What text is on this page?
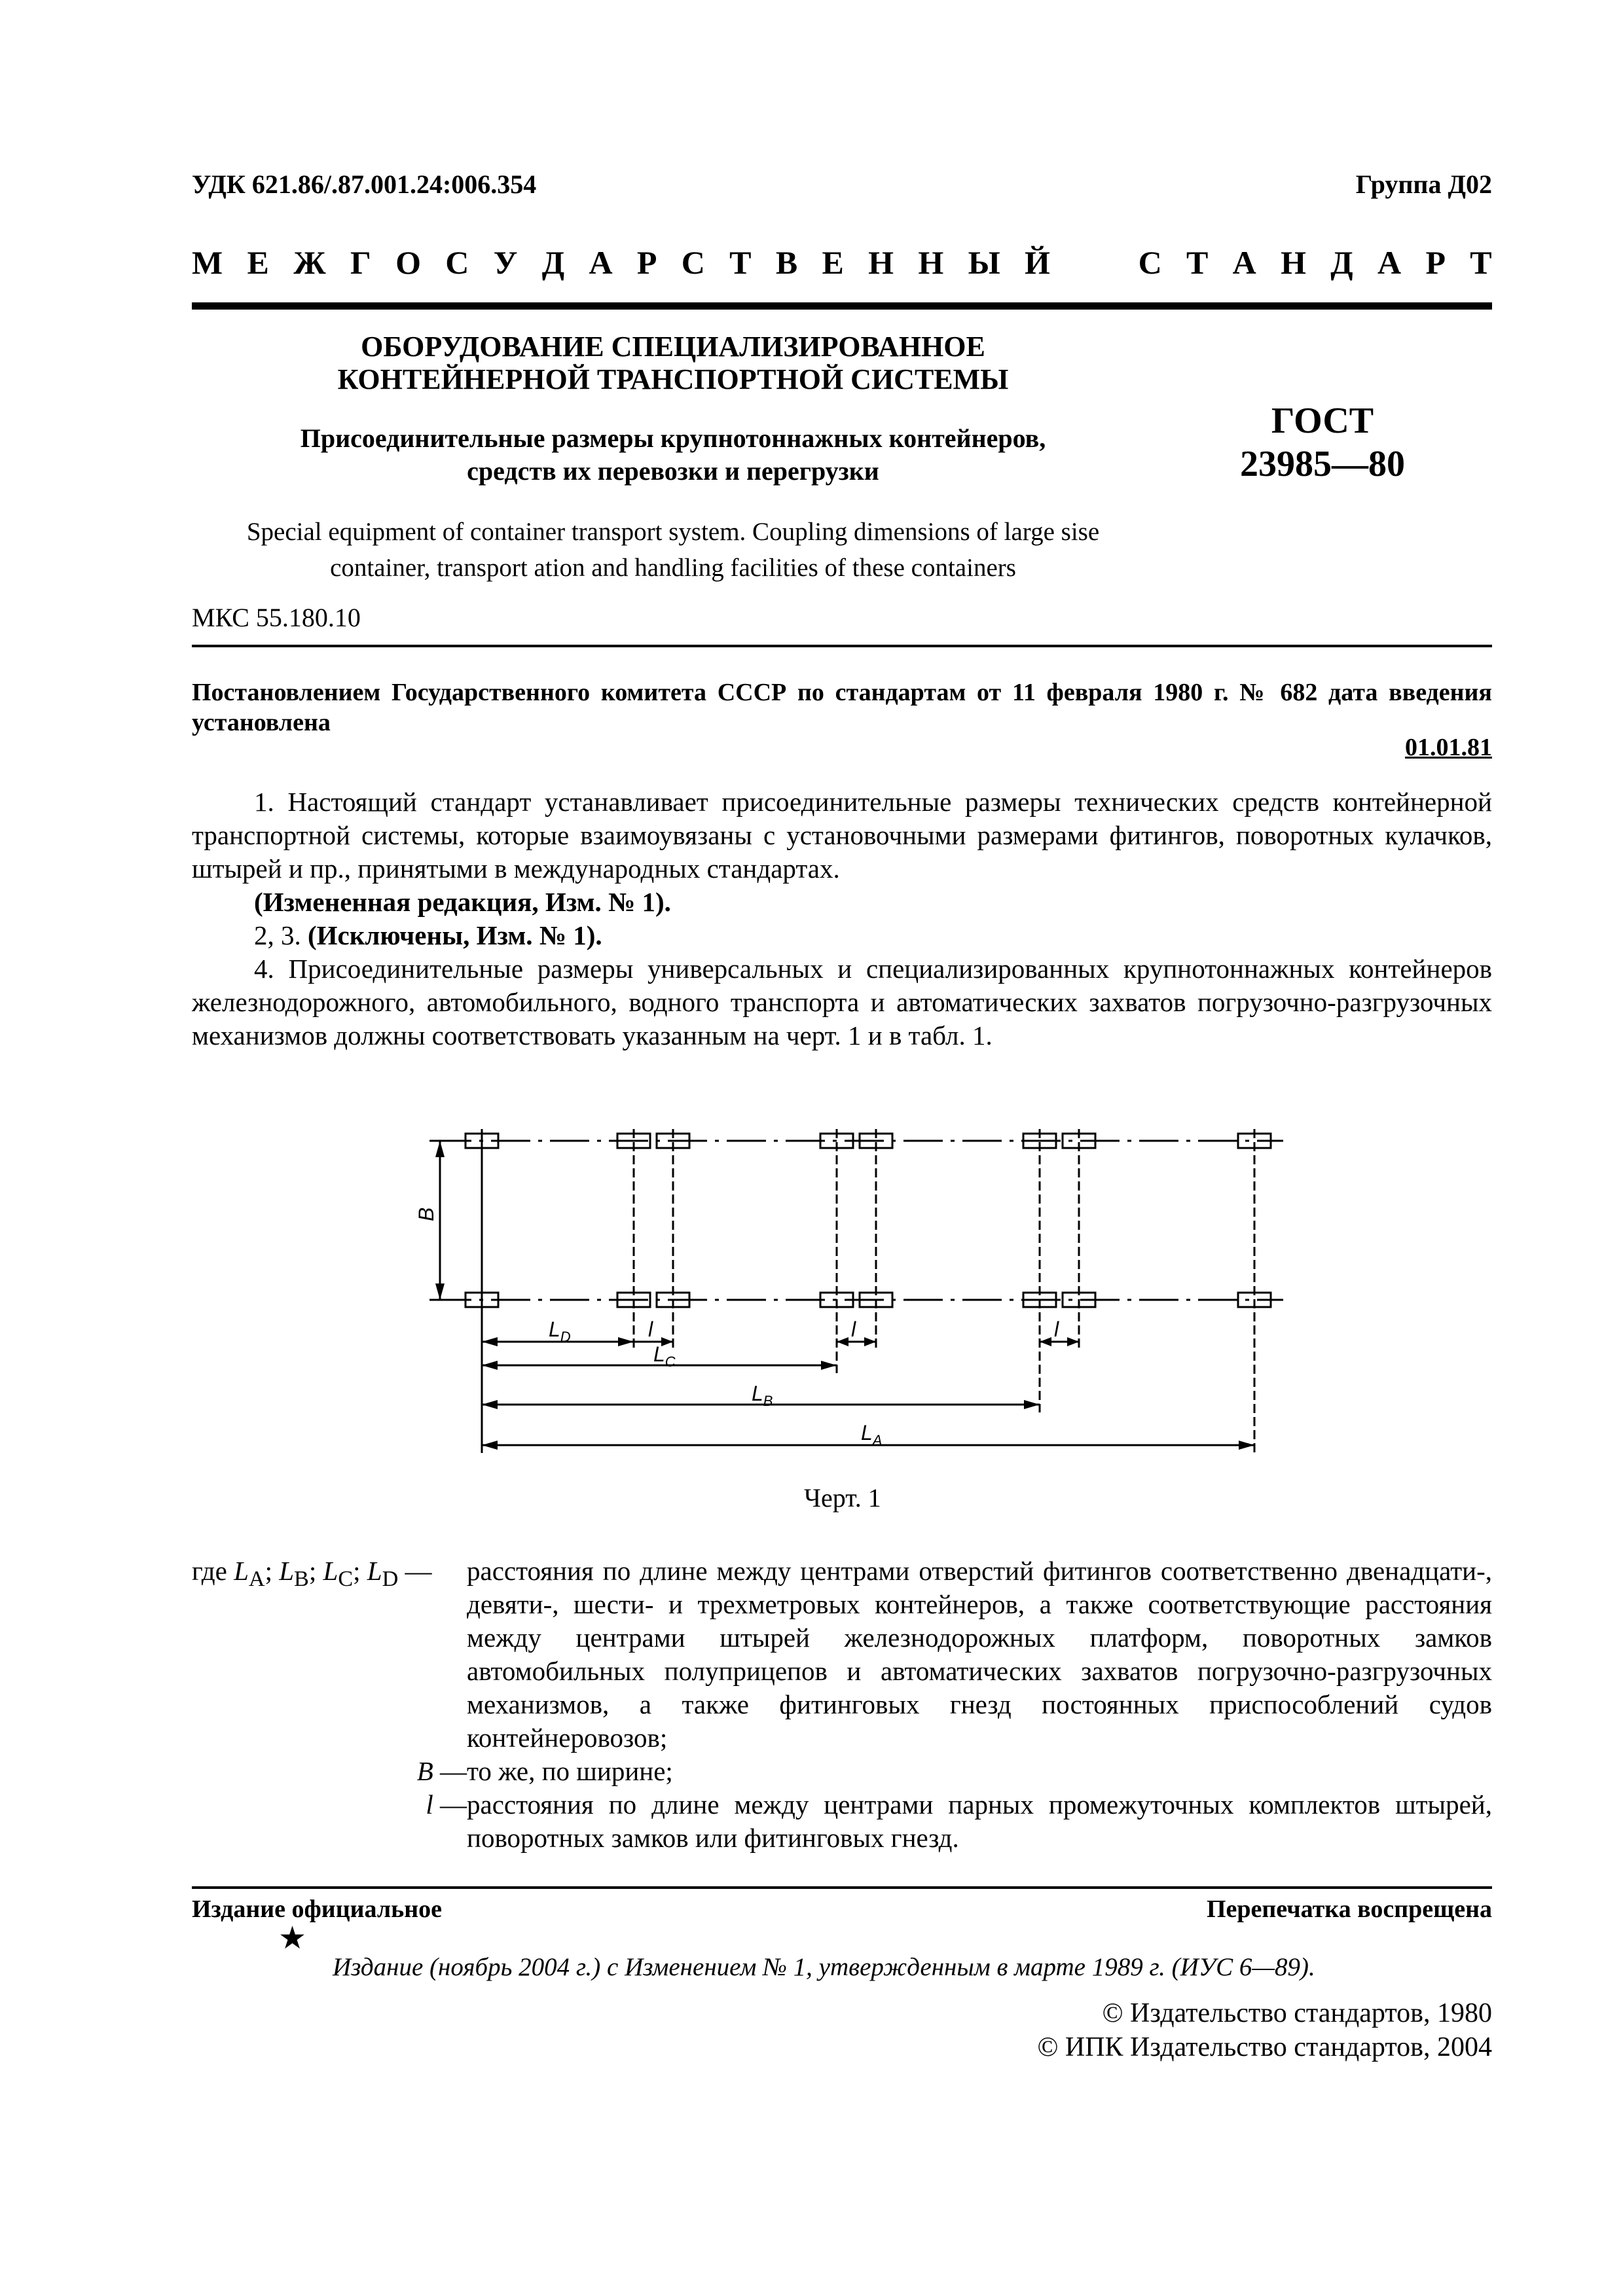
УДК 621.86/.87.001.24:006.354	Группа Д02
М Е Ж Г О С У Д А Р С Т В Е Н Н Ы Й	С Т А Н Д А Р Т
ОБОРУДОВАНИЕ СПЕЦИАЛИЗИРОВАННОЕ
КОНТЕЙНЕРНОЙ ТРАНСПОРТНОЙ СИСТЕМЫ
Присоединительные размеры крупнотоннажных контейнеров,
средств их перевозки и перегрузки
Special equipment of container transport system. Coupling dimensions of large sise
container, transport ation and handling facilities of these containers
ГОСТ
23985—80
МКС 55.180.10
Постановлением Государственного комитета СССР по стандартам от 11 февраля 1980 г. № 682 дата введения установлена
01.01.81
1. Настоящий стандарт устанавливает присоединительные размеры технических средств контейнерной транспортной системы, которые взаимоувязаны с установочными размерами фитингов, поворотных кулачков, штырей и пр., принятыми в международных стандартах.
(Измененная редакция, Изм. № 1).
2, 3. (Исключены, Изм. № 1).
4. Присоединительные размеры универсальных и специализированных крупнотоннажных контейнеров железнодорожного, автомобильного, водного транспорта и автоматических захватов погрузочно-разгрузочных механизмов должны соответствовать указанным на черт. 1 и в табл. 1.
B
$L_D$	l	l	l
$L_C$
$L_B$
$L_A$
Черт. 1
где $L_A$; $L_B$; $L_C$; $L_D$ —	расстояния по длине между центрами отверстий фитингов соответственно двенадцати-, девяти-, шести- и трехметровых контейнеров, а также соответствующие расстояния между центрами штырей железнодорожных платформ, поворотных замков автомобильных полуприцепов и автоматических захватов погрузочно-разгрузочных механизмов, а также фитинговых гнезд постоянных приспособлений судов контейнеровозов;
B — то же, по ширине;
l — расстояния по длине между центрами парных промежуточных комплектов штырей, поворотных замков или фитинговых гнезд.
Издание официальное	Перепечатка воспрещена
★
Издание (ноябрь 2004 г.) с Изменением № 1, утвержденным в марте 1989 г. (ИУС 6—89).
© Издательство стандартов, 1980
© ИПК Издательство стандартов, 2004
